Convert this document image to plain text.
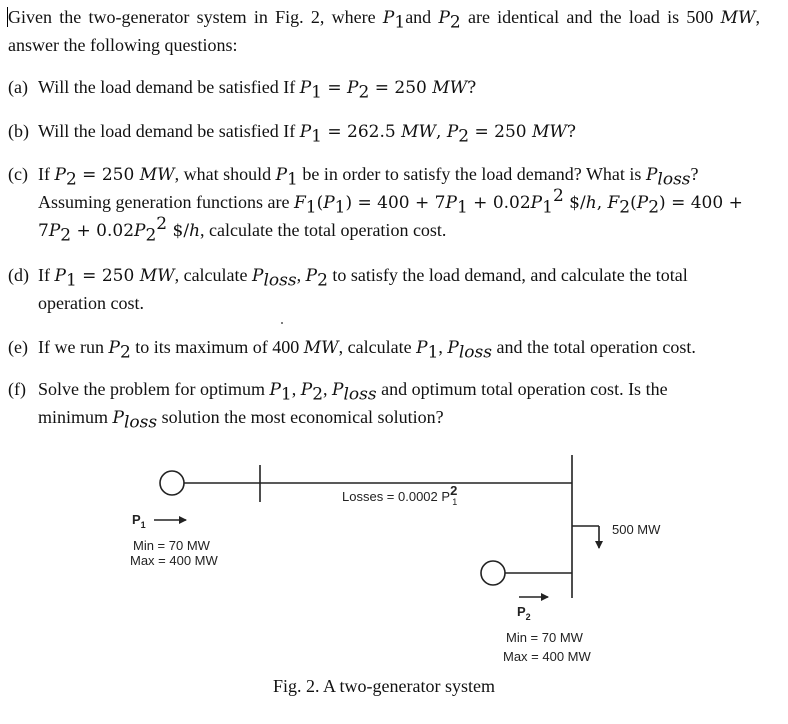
Given the two-generator system in Fig. 2, where $P_1and$ $P_2$ are identical and the load is 500 MW, answer the following questions:

(a) Will the load demand be satisfied If $P_1 = P_2 = 250$ MW?
(b) Will the load demand be satisfied If $P_1 = 262.5$ MW, $P_2 = 250$ MW?
(c) If $P_2 = 250$ MW, what should $P_1$ be in order to satisfy the load demand? What is $P_{loss}$?
Assuming generation functions are $F_1(P_1) = 400 + 7P_1 + 0.02P_1^2$ $/h, $F_2(P_2) = 400$ +
$7P_2 + 0.02P_2^2$ $/h, calculate the total operation cost.
(d) If $P_1 = 250$ MW, calculate $P_{loss}$, $P_2$ to satisfy the load demand, and calculate the total
operation cost.
(e) If we run $P_2$ to its maximum of 400 MW, calculate $P_1$, $P_{loss}$ and the total operation cost.
(f) Solve the problem for optimum $P_1$, $P_2$, $P_{loss}$ and optimum total operation cost. Is the
minimum $P_{loss}$ solution the most economical solution?
Losses = 0.0002 P2 1
$P_1$
Min = 70 MW
Max = 400 MW
500 MW
$P_2$
Min = 70 MW
Max = 400 MW
Fig. 2. A two-generator system
